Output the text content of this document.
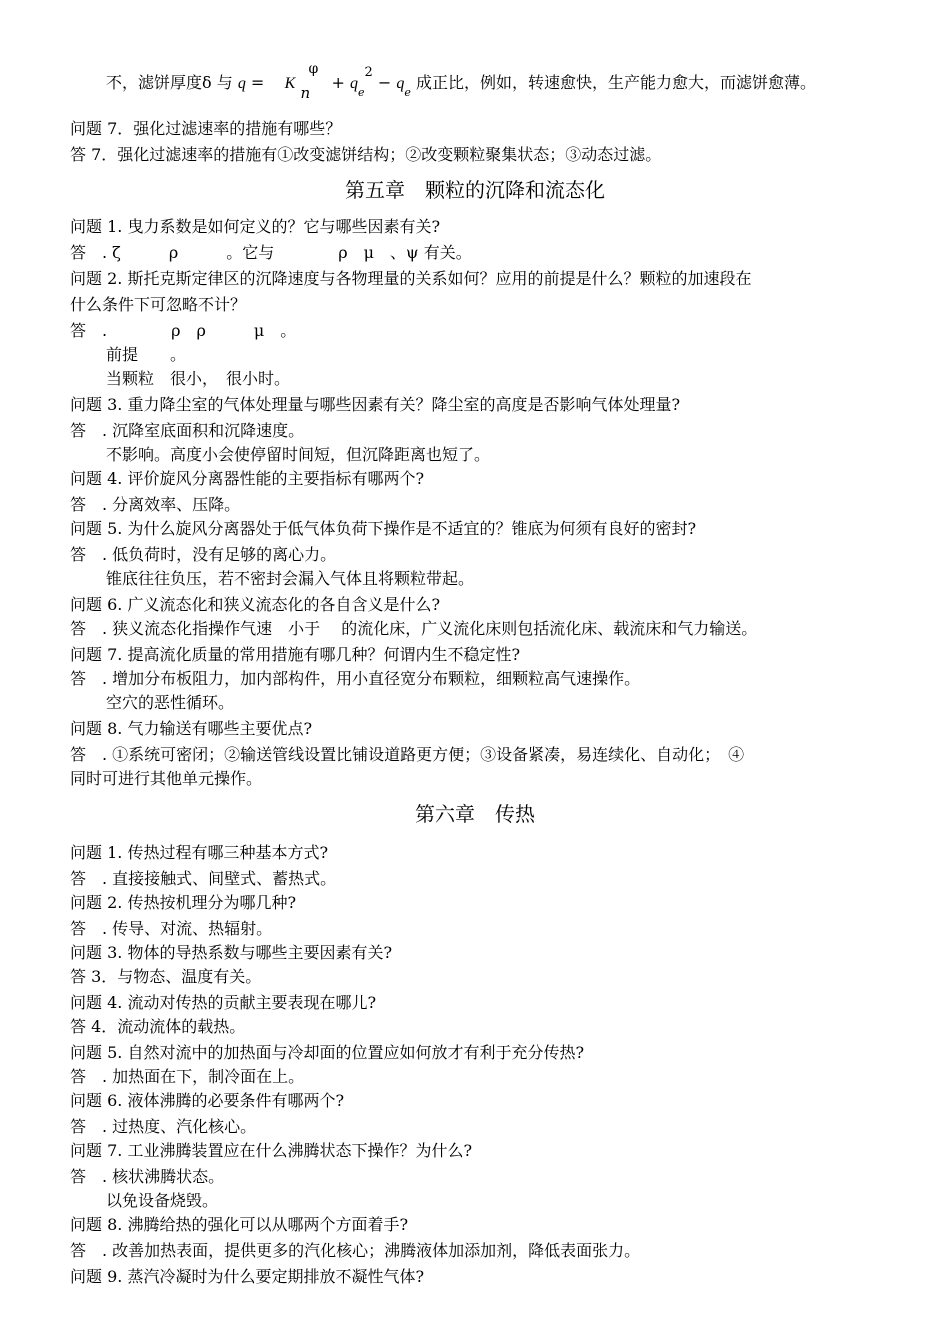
不，滤饼厚度δ 与 q = K
φ
n
+ $q_e^2 - q_e$ 成正比，例如，转速愈快，生产能力愈大，而滤饼愈薄。
问题 7．强化过滤速率的措施有哪些？
答 7．强化过滤速率的措施有①改变滤饼结构；②改变颗粒聚集状态；③动态过滤。
第五章　颗粒的沉降和流态化
问题 1. 曳力系数是如何定义的？它与哪些因素有关?
答　. ζ　　　ρ　　　。它与　　　　ρ　μ　、ψ 有关。
问题 2. 斯托克斯定律区的沉降速度与各物理量的关系如何？应用的前提是什么？颗粒的加速段在
什么条件下可忽略不计？
答　.　　　　ρ　ρ　　　μ　。
前提　　。
当颗粒　很小，　很小时。
问题 3. 重力降尘室的气体处理量与哪些因素有关？降尘室的高度是否影响气体处理量?
答　. 沉降室底面积和沉降速度。
不影响。高度小会使停留时间短，但沉降距离也短了。
问题 4. 评价旋风分离器性能的主要指标有哪两个?
答　. 分离效率、压降。
问题 5. 为什么旋风分离器处于低气体负荷下操作是不适宜的？锥底为何须有良好的密封?
答　. 低负荷时，没有足够的离心力。
锥底往往负压，若不密封会漏入气体且将颗粒带起。
问题 6. 广义流态化和狭义流态化的各自含义是什么?
答　. 狭义流态化指操作气速　小于　 的流化床，广义流化床则包括流化床、载流床和气力输送。
问题 7. 提高流化质量的常用措施有哪几种？何谓内生不稳定性?
答　. 增加分布板阻力，加内部构件，用小直径宽分布颗粒，细颗粒高气速操作。
空穴的恶性循环。
问题 8. 气力输送有哪些主要优点?
答　. ①系统可密闭；②输送管线设置比铺设道路更方便；③设备紧凑，易连续化、自动化；　④
同时可进行其他单元操作。
第六章　传热
问题 1. 传热过程有哪三种基本方式?
答　. 直接接触式、间壁式、蓄热式。
问题 2. 传热按机理分为哪几种?
答　. 传导、对流、热辐射。
问题 3. 物体的导热系数与哪些主要因素有关?
答 3．与物态、温度有关。
问题 4. 流动对传热的贡献主要表现在哪儿?
答 4．流动流体的载热。
问题 5. 自然对流中的加热面与冷却面的位置应如何放才有利于充分传热?
答　. 加热面在下，制冷面在上。
问题 6. 液体沸腾的必要条件有哪两个?
答　. 过热度、汽化核心。
问题 7. 工业沸腾装置应在什么沸腾状态下操作？为什么?
答　. 核状沸腾状态。
以免设备烧毁。
问题 8. 沸腾给热的强化可以从哪两个方面着手?
答　. 改善加热表面，提供更多的汽化核心；沸腾液体加添加剂，降低表面张力。
问题 9. 蒸汽冷凝时为什么要定期排放不凝性气体?
